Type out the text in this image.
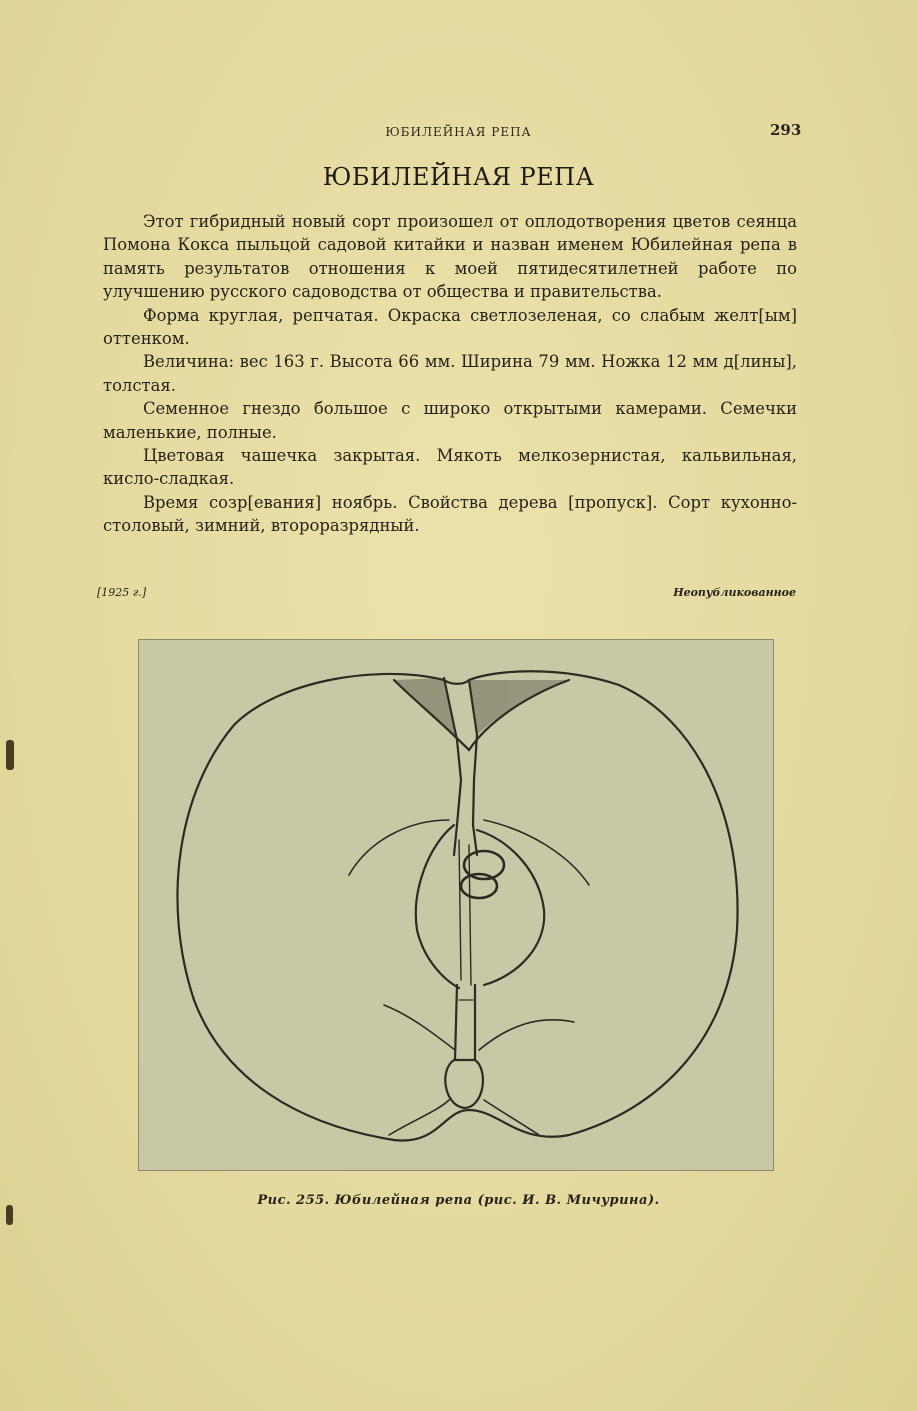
ЮБИЛЕЙНАЯ РЕПА	293
ЮБИЛЕЙНАЯ РЕПА

Этот гибридный новый сорт произошел от оплодотворения цветов сеянца Помона Кокса пыльцой садовой китайки и назван именем Юбилейная репа в память результатов отношения к моей пятидесятилетней работе по улучшению русского садоводства от общества и правительства.

Форма круглая, репчатая. Окраска светлозеленая, со слабым желт[ым] оттенком.

Величина: вес 163 г. Высота 66 мм. Ширина 79 мм. Ножка 12 мм д[лины], толстая.

Семенное гнездо большое с широко открытыми камерами. Семечки маленькие, полные.

Цветовая чашечка закрытая. Мякоть мелкозернистая, кальвильная, кисло-сладкая.

Время созр[евания] ноябрь. Свойства дерева [пропуск]. Сорт кухонно-столовый, зимний, второразрядный.

[1925 г.]	Неопубликованное
Рис. 255. Юбилейная репа (рис. И. В. Мичурина).
